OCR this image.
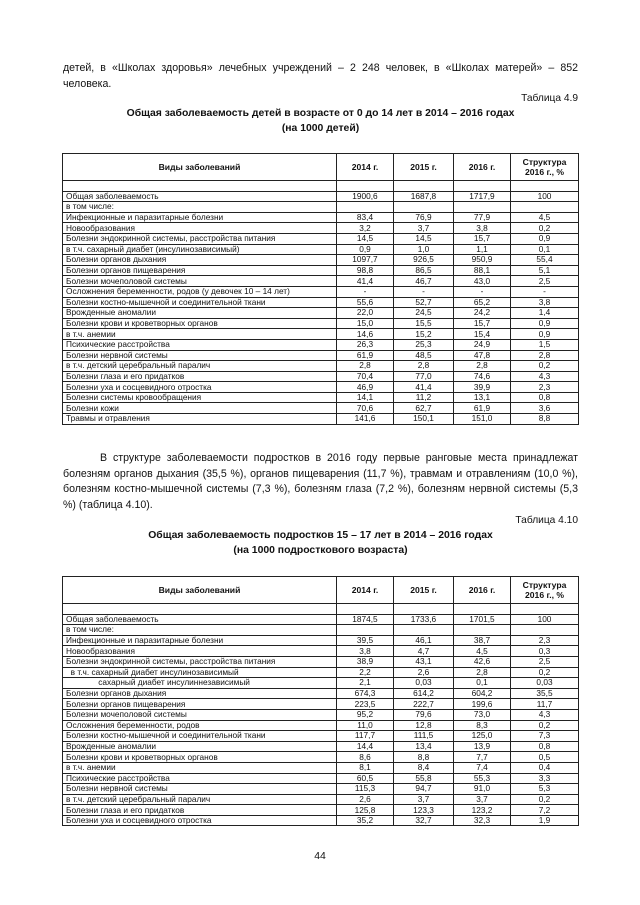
детей, в «Школах здоровья» лечебных учреждений – 2 248 человек, в «Школах матерей» – 852 человека.
Таблица 4.9
Общая заболеваемость детей в возрасте от 0 до 14 лет в 2014 – 2016 годах
(на 1000 детей)
Виды заболеваний	2014 г.	2015 г.	2016 г.	Структура 2016 г., %

Общая заболеваемость	1900,6	1687,8	1717,9	100
в том числе:				
Инфекционные и паразитарные болезни	83,4	76,9	77,9	4,5
Новообразования	3,2	3,7	3,8	0,2
Болезни эндокринной системы, расстройства питания	14,5	14,5	15,7	0,9
в т.ч. сахарный диабет (инсулинозависимый)	0,9	1,0	1,1	0,1
Болезни органов дыхания	1097,7	926,5	950,9	55,4
Болезни органов пищеварения	98,8	86,5	88,1	5,1
Болезни мочеполовой системы	41,4	46,7	43,0	2,5
Осложнения беременности, родов (у девочек 10 – 14 лет)	-	-	-	-
Болезни костно-мышечной и соединительной ткани	55,6	52,7	65,2	3,8
Врожденные аномалии	22,0	24,5	24,2	1,4
Болезни крови и кроветворных органов	15,0	15,5	15,7	0,9
в т.ч. анемии	14,6	15,2	15,4	0,9
Психические расстройства	26,3	25,3	24,9	1,5
Болезни нервной системы	61,9	48,5	47,8	2,8
в т.ч. детский церебральный паралич	2,8	2,8	2,8	0,2
Болезни глаза и его придатков	70,4	77,0	74,6	4,3
Болезни уха и сосцевидного отростка	46,9	41,4	39,9	2,3
Болезни системы кровообращения	14,1	11,2	13,1	0,8
Болезни кожи	70,6	62,7	61,9	3,6
Травмы и отравления	141,6	150,1	151,0	8,8
В структуре заболеваемости подростков в 2016 году первые ранговые места принадлежат болезням органов дыхания (35,5 %), органов пищеварения (11,7 %), травмам и отравлениям (10,0 %), болезням костно-мышечной системы (7,3 %), болезням глаза (7,2 %), болезням нервной системы (5,3 %) (таблица 4.10).
Таблица 4.10
Общая заболеваемость подростков 15 – 17 лет в 2014 – 2016 годах
(на 1000 подросткового возраста)
Виды заболеваний	2014 г.	2015 г.	2016 г.	Структура 2016 г., %

Общая заболеваемость	1874,5	1733,6	1701,5	100
в том числе:				
Инфекционные и паразитарные болезни	39,5	46,1	38,7	2,3
Новообразования	3,8	4,7	4,5	0,3
Болезни эндокринной системы, расстройства питания	38,9	43,1	42,6	2,5
в т.ч. сахарный диабет инсулинозависимый	2,2	2,6	2,8	0,2
сахарный диабет инсулиннезависимый	2,1	0,03	0,1	0,03
Болезни органов дыхания	674,3	614,2	604,2	35,5
Болезни органов пищеварения	223,5	222,7	199,6	11,7
Болезни мочеполовой системы	95,2	79,6	73,0	4,3
Осложнения беременности, родов	11,0	12,8	8,3	0,2
Болезни костно-мышечной и соединительной ткани	117,7	111,5	125,0	7,3
Врожденные аномалии	14,4	13,4	13,9	0,8
Болезни крови и кроветворных органов	8,6	8,8	7,7	0,5
в т.ч. анемии	8,1	8,4	7,4	0,4
Психические расстройства	60,5	55,8	55,3	3,3
Болезни нервной системы	115,3	94,7	91,0	5,3
в т.ч. детский церебральный паралич	2,6	3,7	3,7	0,2
Болезни глаза и его придатков	125,8	123,3	123,2	7,2
Болезни уха и сосцевидного отростка	35,2	32,7	32,3	1,9
44
